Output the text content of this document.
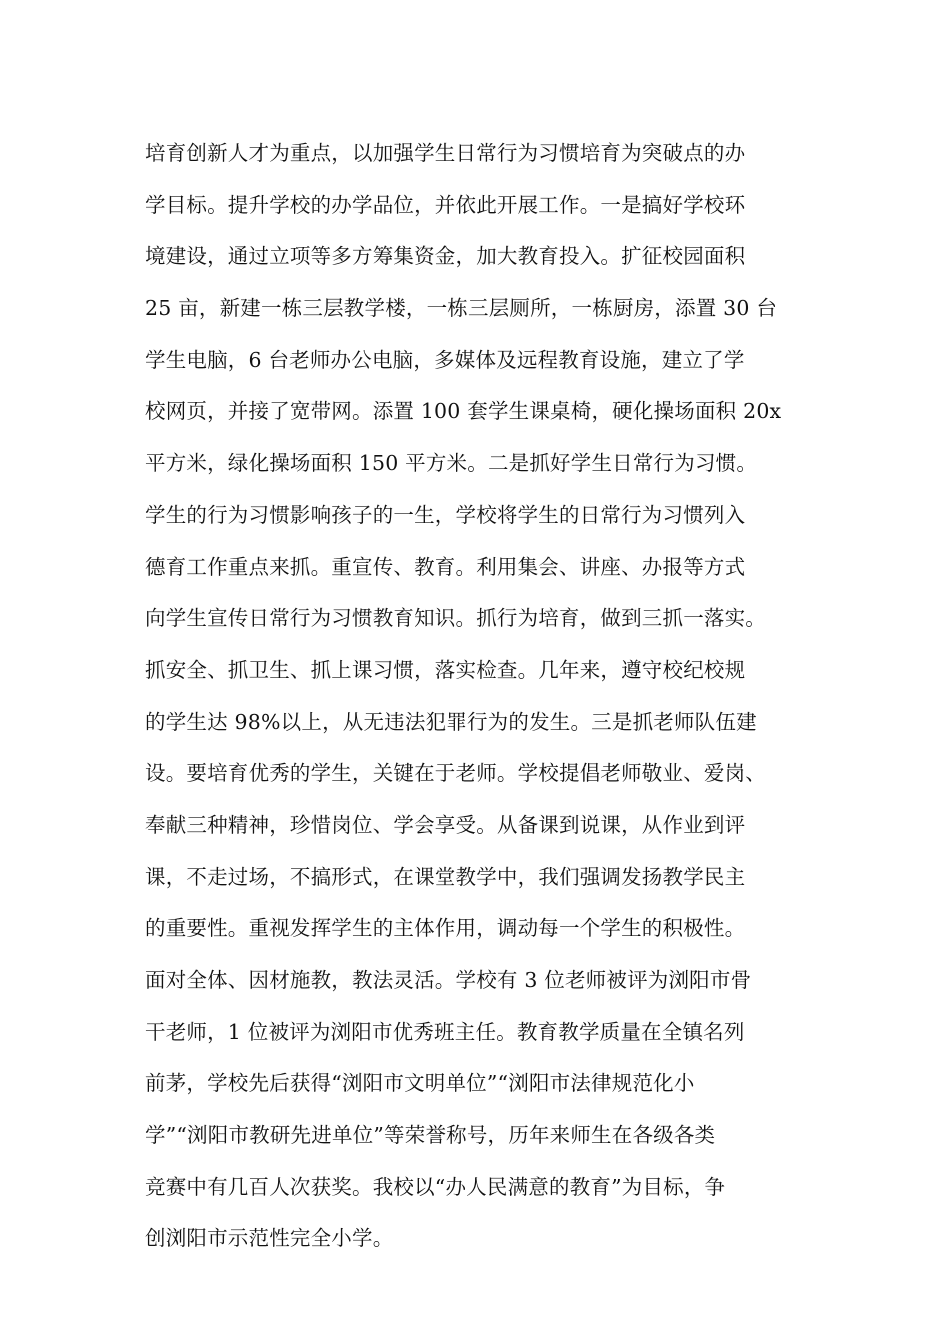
培育创新人才为重点，以加强学生日常行为习惯培育为突破点的办
学目标。提升学校的办学品位，并依此开展工作。一是搞好学校环
境建设，通过立项等多方筹集资金，加大教育投入。扩征校园面积
25 亩，新建一栋三层教学楼，一栋三层厕所，一栋厨房，添置 30 台
学生电脑，6 台老师办公电脑，多媒体及远程教育设施，建立了学
校网页，并接了宽带网。添置 100 套学生课桌椅，硬化操场面积 20x
平方米，绿化操场面积 150 平方米。二是抓好学生日常行为习惯。
学生的行为习惯影响孩子的一生，学校将学生的日常行为习惯列入
德育工作重点来抓。重宣传、教育。利用集会、讲座、办报等方式
向学生宣传日常行为习惯教育知识。抓行为培育，做到三抓一落实。
抓安全、抓卫生、抓上课习惯，落实检查。几年来，遵守校纪校规
的学生达 98%以上，从无违法犯罪行为的发生。三是抓老师队伍建
设。要培育优秀的学生，关键在于老师。学校提倡老师敬业、爱岗、
奉献三种精神，珍惜岗位、学会享受。从备课到说课，从作业到评
课，不走过场，不搞形式，在课堂教学中，我们强调发扬教学民主
的重要性。重视发挥学生的主体作用，调动每一个学生的积极性。
面对全体、因材施教，教法灵活。学校有 3 位老师被评为浏阳市骨
干老师，1 位被评为浏阳市优秀班主任。教育教学质量在全镇名列
前茅，学校先后获得“浏阳市文明单位”“浏阳市法律规范化小
学”“浏阳市教研先进单位”等荣誉称号，历年来师生在各级各类
竞赛中有几百人次获奖。我校以“办人民满意的教育”为目标，争
创浏阳市示范性完全小学。
